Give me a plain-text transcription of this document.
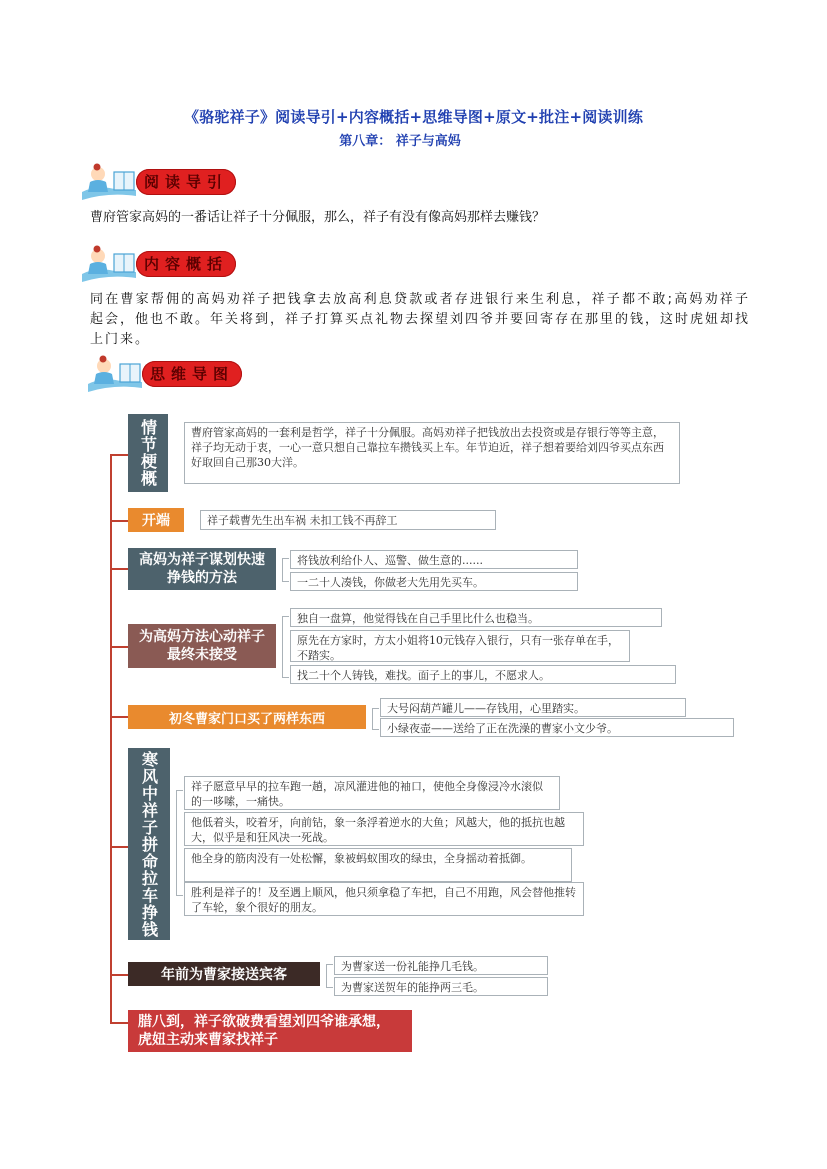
《骆驼祥子》阅读导引+内容概括+思维导图+原文+批注+阅读训练
第八章： 祥子与高妈
阅读导引
曹府管家高妈的一番话让祥子十分佩服，那么，祥子有没有像高妈那样去赚钱？
内容概括
同在曹家帮佣的高妈劝祥子把钱拿去放高利息贷款或者存进银行来生利息，祥子都不敢;高妈劝祥子起会，他也不敢。年关将到，祥子打算买点礼物去探望刘四爷并要回寄存在那里的钱，这时虎妞却找上门来。
思维导图
情节梗概	曹府管家高妈的一套利是哲学，祥子十分佩服。高妈劝祥子把钱放出去投资或是存银行等等主意，祥子均无动于衷，一心一意只想自己靠拉车攒钱买上车。年节迫近，祥子想着要给刘四爷买点东西好取回自己那30大洋。
开端	祥子载曹先生出车祸 未扣工钱不再辞工
高妈为祥子谋划快速挣钱的方法
将钱放利给仆人、巡警、做生意的......
一二十人凑钱，你做老大先用先买车。
为高妈方法心动祥子最终未接受
独自一盘算，他觉得钱在自己手里比什么也稳当。
原先在方家时，方太小姐将10元钱存入银行，只有一张存单在手，不踏实。
找二十个人铸钱，难找。面子上的事儿，不愿求人。
初冬曹家门口买了两样东西
大号闷葫芦罐儿——存钱用，心里踏实。
小绿夜壶——送给了正在洗澡的曹家小文少爷。
寒风中祥子拼命拉车挣钱	祥子愿意早早的拉车跑一趟，凉风灌进他的袖口，使他全身像浸冷水滚似的一哆嗦，一痛快。
他低着头，咬着牙，向前钻，象一条浮着逆水的大鱼；风越大，他的抵抗也越大，似乎是和狂风决一死战。
他全身的筋肉没有一处松懈，象被蚂蚁围攻的绿虫，全身摇动着抵御。
胜利是祥子的！及至遇上顺风，他只须拿稳了车把，自己不用跑，风会替他推转了车轮，象个很好的朋友。
年前为曹家接送宾客
为曹家送一份礼能挣几毛钱。
为曹家送贺年的能挣两三毛。
腊八到，祥子欲破费看望刘四爷谁承想，虎妞主动来曹家找祥子
